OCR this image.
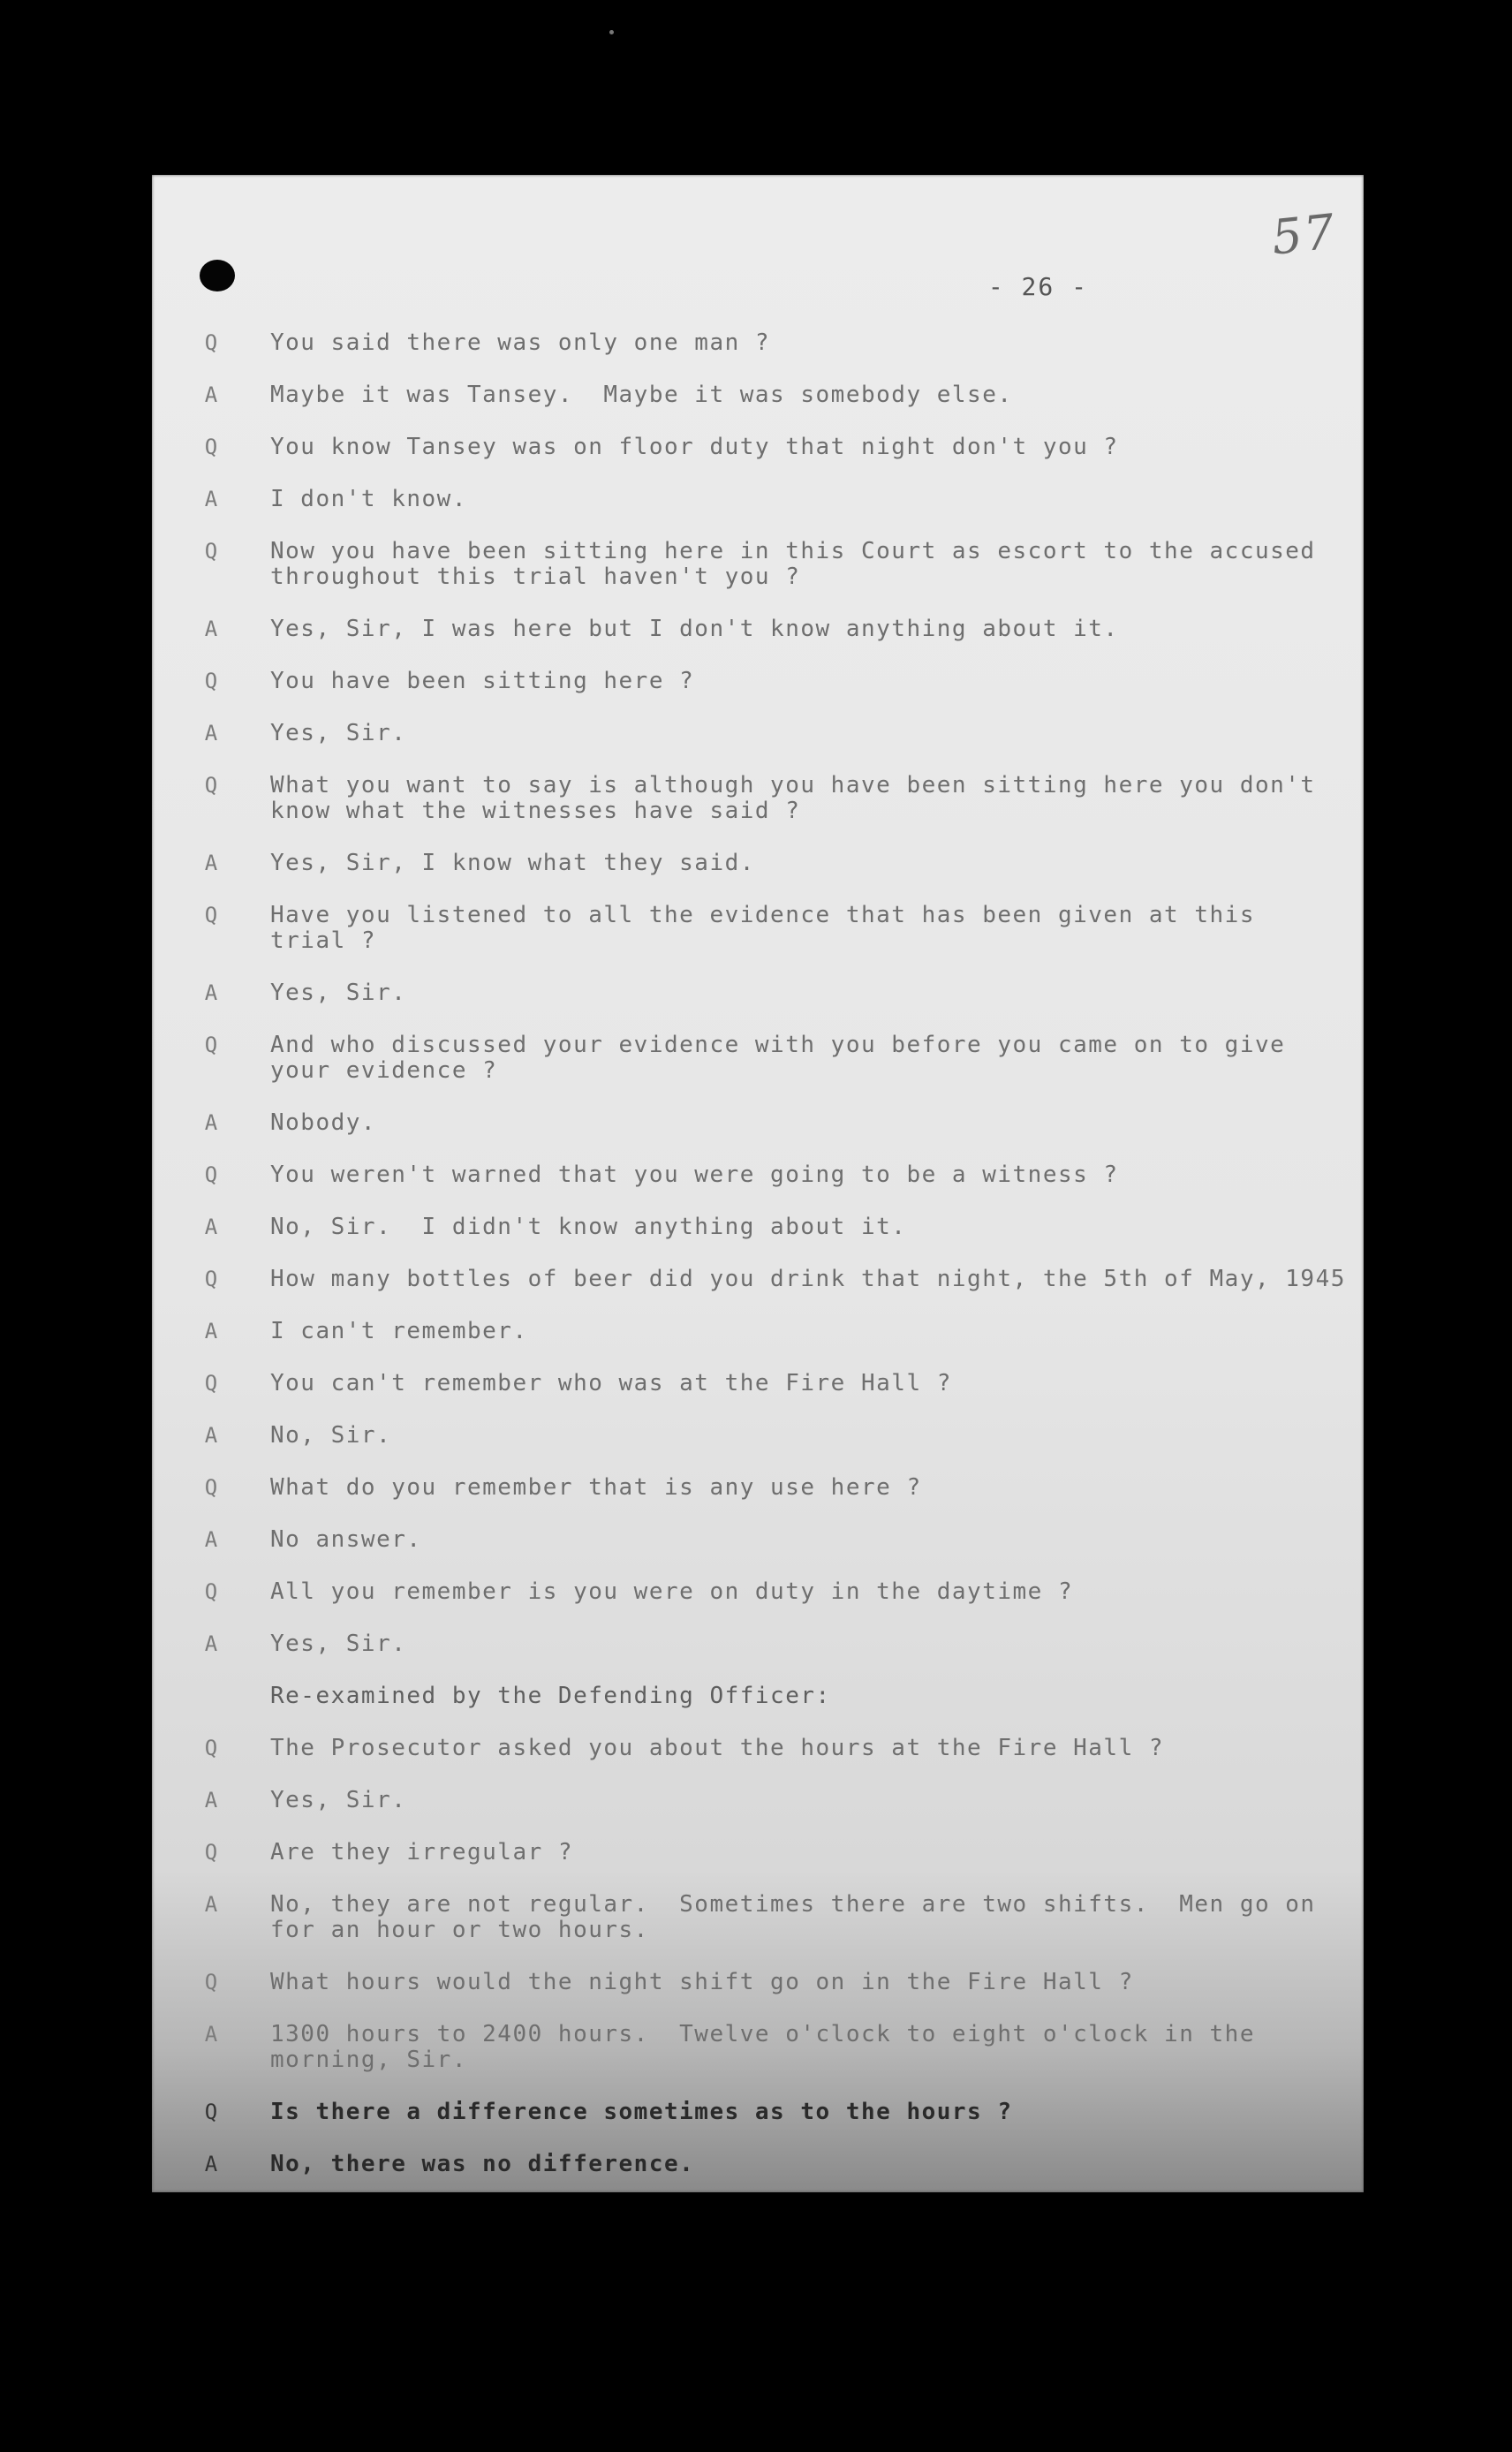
57
- 26 -
Q	You said there was only one man ?
A	Maybe it was Tansey.  Maybe it was somebody else.
Q	You know Tansey was on floor duty that night don't you ?
A	I don't know.
Q	Now you have been sitting here in this Court as escort to the accused
throughout this trial haven't you ?
A	Yes, Sir, I was here but I don't know anything about it.
Q	You have been sitting here ?
A	Yes, Sir.
Q	What you want to say is although you have been sitting here you don't
know what the witnesses have said ?
A	Yes, Sir, I know what they said.
Q	Have you listened to all the evidence that has been given at this
trial ?
A	Yes, Sir.
Q	And who discussed your evidence with you before you came on to give
your evidence ?
A	Nobody.
Q	You weren't warned that you were going to be a witness ?
A	No, Sir.  I didn't know anything about it.
Q	How many bottles of beer did you drink that night, the 5th of May, 1945
A	I can't remember.
Q	You can't remember who was at the Fire Hall ?
A	No, Sir.
Q	What do you remember that is any use here ?
A	No answer.
Q	All you remember is you were on duty in the daytime ?
A	Yes, Sir.
Re-examined by the Defending Officer:
Q	The Prosecutor asked you about the hours at the Fire Hall ?
A	Yes, Sir.
Q	Are they irregular ?
A	No, they are not regular.  Sometimes there are two shifts.  Men go on
for an hour or two hours.
Q	What hours would the night shift go on in the Fire Hall ?
A	1300 hours to 2400 hours.  Twelve o'clock to eight o'clock in the
morning, Sir.
Q	Is there a difference sometimes as to the hours ?
A	No, there was no difference.
